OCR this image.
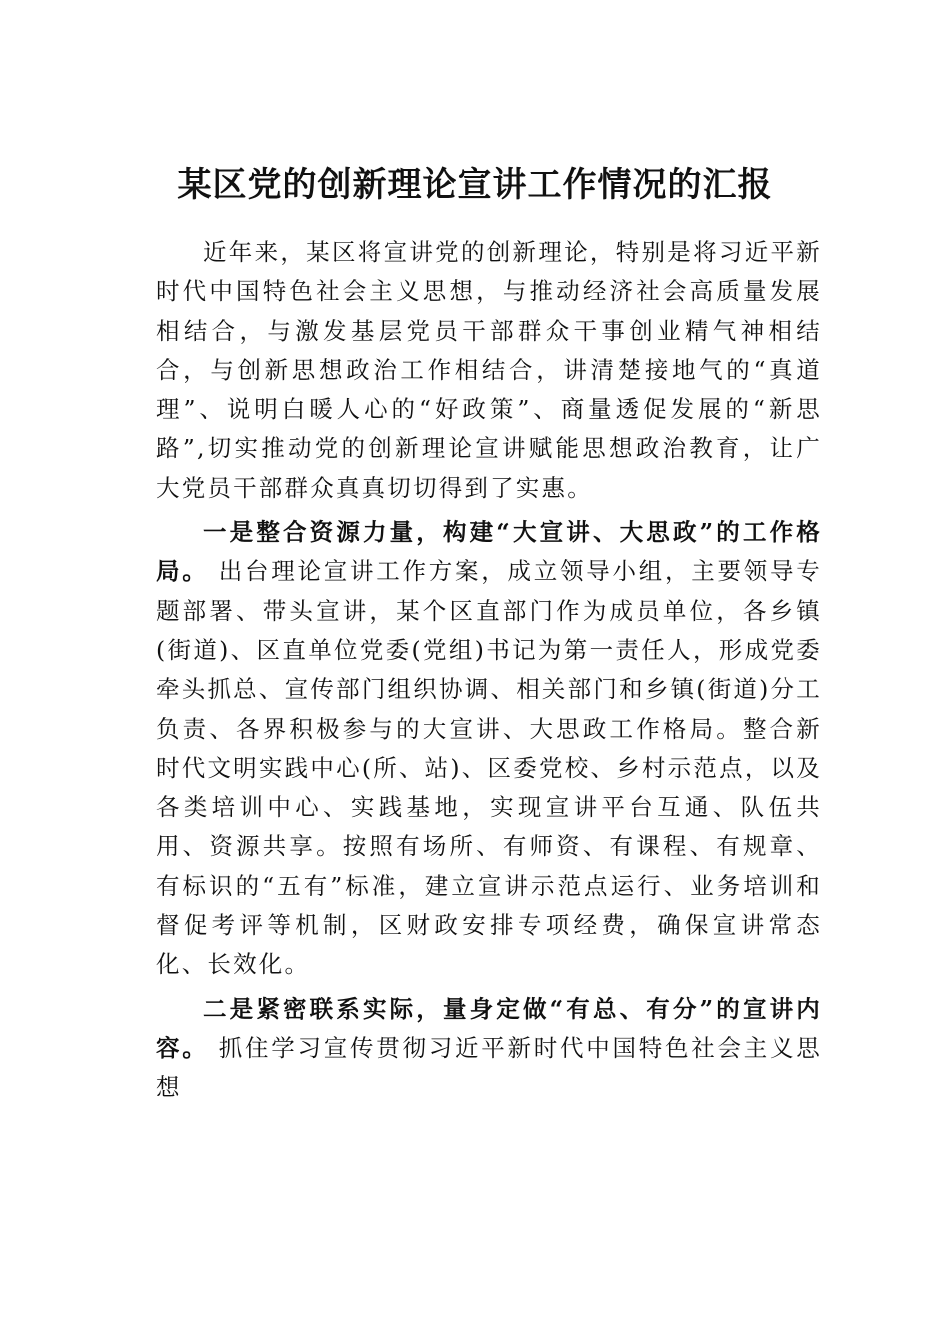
某区党的创新理论宣讲工作情况的汇报

近年来，某区将宣讲党的创新理论，特别是将习近平新时代中国特色社会主义思想，与推动经济社会高质量发展相结合，与激发基层党员干部群众干事创业精气神相结合，与创新思想政治工作相结合，讲清楚接地气的“真道理”、说明白暖人心的“好政策”、商量透促发展的“新思路”,切实推动党的创新理论宣讲赋能思想政治教育，让广大党员干部群众真真切切得到了实惠。

一是整合资源力量，构建“大宣讲、大思政”的工作格局。 出台理论宣讲工作方案，成立领导小组，主要领导专题部署、带头宣讲，某个区直部门作为成员单位，各乡镇(街道)、区直单位党委(党组)书记为第一责任人，形成党委牵头抓总、宣传部门组织协调、相关部门和乡镇(街道)分工负责、各界积极参与的大宣讲、大思政工作格局。整合新时代文明实践中心(所、站)、区委党校、乡村示范点，以及各类培训中心、实践基地，实现宣讲平台互通、队伍共用、资源共享。按照有场所、有师资、有课程、有规章、有标识的“五有”标准，建立宣讲示范点运行、业务培训和督促考评等机制，区财政安排专项经费，确保宣讲常态化、长效化。

二是紧密联系实际，量身定做“有总、有分”的宣讲内容。 抓住学习宣传贯彻习近平新时代中国特色社会主义思想
